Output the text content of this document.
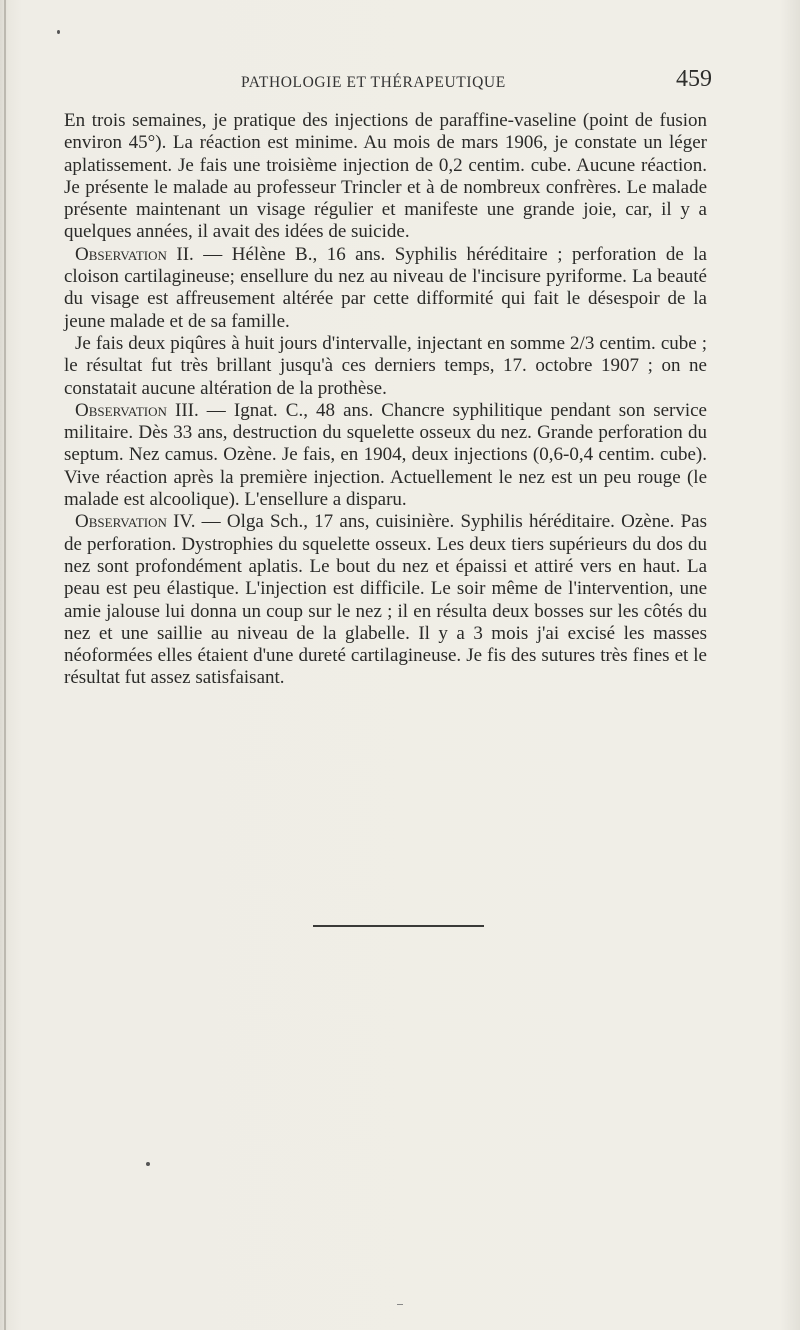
PATHOLOGIE ET THÉRAPEUTIQUE	459

En trois semaines, je pratique des injections de paraffine-vaseline (point de fusion environ 45°). La réaction est minime. Au mois de mars 1906, je constate un léger aplatissement. Je fais une troisième injection de 0,2 centim. cube. Aucune réaction. Je présente le malade au professeur Trincler et à de nombreux confrères. Le malade présente maintenant un visage régulier et manifeste une grande joie, car, il y a quelques années, il avait des idées de suicide.

Observation II. — Hélène B., 16 ans. Syphilis héréditaire ; perforation de la cloison cartilagineuse; ensellure du nez au niveau de l'incisure pyriforme. La beauté du visage est affreusement altérée par cette difformité qui fait le désespoir de la jeune malade et de sa famille.

Je fais deux piqûres à huit jours d'intervalle, injectant en somme 2/3 centim. cube ; le résultat fut très brillant jusqu'à ces derniers temps, 17. octobre 1907 ; on ne constatait aucune altération de la prothèse.

Observation III. — Ignat. C., 48 ans. Chancre syphilitique pendant son service militaire. Dès 33 ans, destruction du squelette osseux du nez. Grande perforation du septum. Nez camus. Ozène. Je fais, en 1904, deux injections (0,6-0,4 centim. cube). Vive réaction après la première injection. Actuellement le nez est un peu rouge (le malade est alcoolique). L'ensellure a disparu.

Observation IV. — Olga Sch., 17 ans, cuisinière. Syphilis héréditaire. Ozène. Pas de perforation. Dystrophies du squelette osseux. Les deux tiers supérieurs du dos du nez sont profondément aplatis. Le bout du nez et épaissi et attiré vers en haut. La peau est peu élastique. L'injection est difficile. Le soir même de l'intervention, une amie jalouse lui donna un coup sur le nez ; il en résulta deux bosses sur les côtés du nez et une saillie au niveau de la glabelle. Il y a 3 mois j'ai excisé les masses néoformées elles étaient d'une dureté cartilagineuse. Je fis des sutures très fines et le résultat fut assez satisfaisant.
